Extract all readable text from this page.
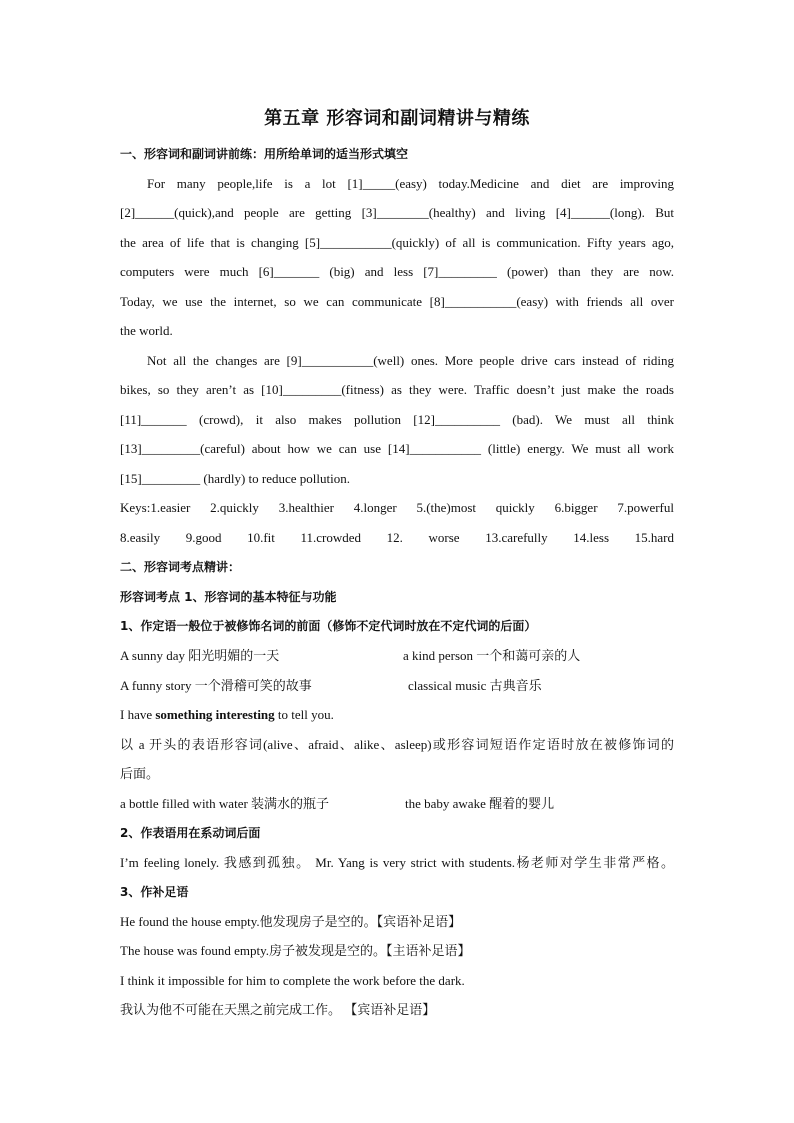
第五章 形容词和副词精讲与精练
一、形容词和副词讲前练：用所给单词的适当形式填空
For many people,life is a lot [1]_____(easy) today.Medicine and diet are improving
[2]______(quick),and people are getting [3]________(healthy) and living [4]______(long). But
the area of life that is changing [5]___________(quickly) of all is communication. Fifty years ago,
computers were much [6]_______ (big) and less [7]_________ (power) than they are now.
Today, we use the internet, so we can communicate [8]___________(easy) with friends all over
the world.
Not all the changes are [9]___________(well) ones. More people drive cars instead of riding
bikes, so they aren’t as [10]_________(fitness) as they were. Traffic doesn’t just make the roads
[11]_______ (crowd), it also makes pollution [12]__________ (bad). We must all think
[13]_________(careful) about how we can use [14]___________ (little) energy. We must all work
[15]_________ (hardly) to reduce pollution.
Keys:1.easier 2.quickly 3.healthier 4.longer 5.(the)most quickly 6.bigger 7.powerful
8.easily 9.good 10.fit 11.crowded 12. worse 13.carefully 14.less 15.hard
二、形容词考点精讲：
形容词考点 1、形容词的基本特征与功能
1、作定语一般位于被修饰名词的前面（修饰不定代词时放在不定代词的后面）
A sunny day 阳光明媚的一天	a kind person 一个和蔼可亲的人
A funny story 一个滑稽可笑的故事	classical music 古典音乐
I have something interesting to tell you.
以 a 开头的表语形容词(alive、afraid、alike、asleep)或形容词短语作定语时放在被修饰词的
后面。
a bottle filled with water 装满水的瓶子	the baby awake 醒着的婴儿
2、作表语用在系动词后面
I’m feeling lonely. 我感到孤独。 Mr. Yang is very strict with students.杨老师对学生非常严格。
3、作补足语
He found the house empty.他发现房子是空的。【宾语补足语】
The house was found empty.房子被发现是空的。【主语补足语】
I think it impossible for him to complete the work before the dark.
我认为他不可能在天黑之前完成工作。 【宾语补足语】
